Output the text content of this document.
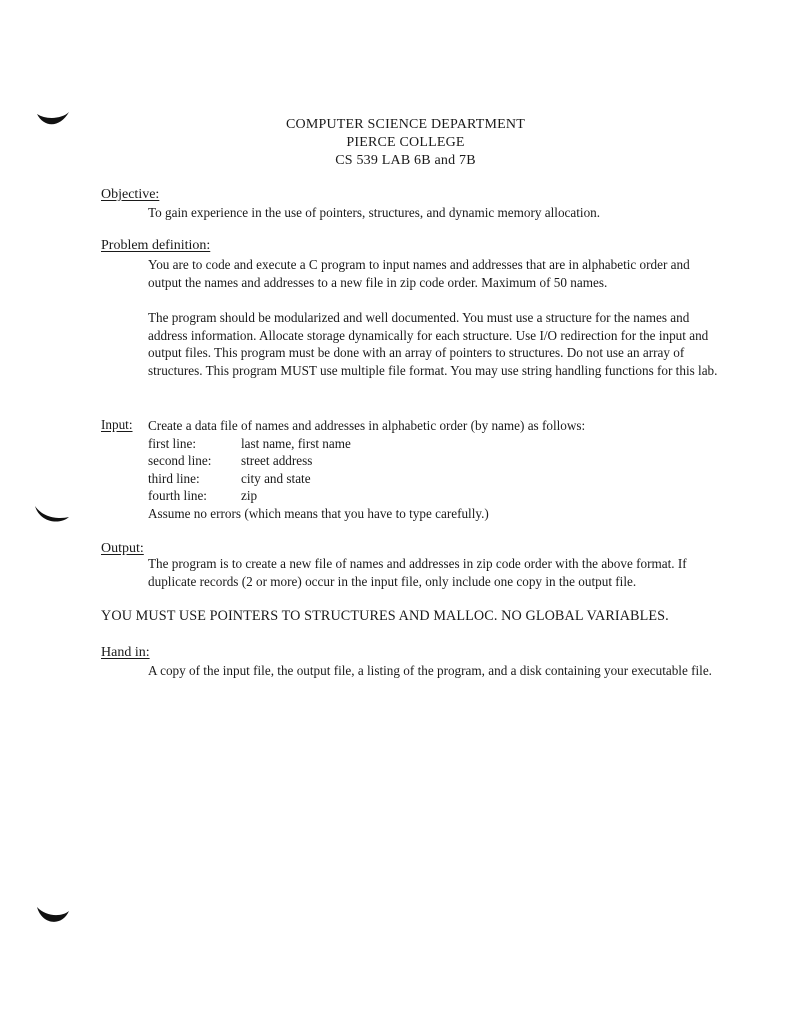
COMPUTER SCIENCE DEPARTMENT
PIERCE COLLEGE
CS 539 LAB 6B and 7B
Objective:
To gain experience in the use of pointers, structures, and dynamic memory allocation.
Problem definition:
You are to code and execute a C program to input names and addresses that are in alphabetic order and output the names and addresses to a new file in zip code order. Maximum of 50 names.
The program should be modularized and well documented. You must use a structure for the names and address information. Allocate storage dynamically for each structure. Use I/O redirection for the input and output files. This program must be done with an array of pointers to structures. Do not use an array of structures. This program MUST use multiple file format. You may use string handling functions for this lab.
Input: Create a data file of names and addresses in alphabetic order (by name) as follows:
first line:	last name, first name
second line:	street address
third line:	city and state
fourth line:	zip
Assume no errors (which means that you have to type carefully.)
Output:
The program is to create a new file of names and addresses in zip code order with the above format. If duplicate records (2 or more) occur in the input file, only include one copy in the output file.
YOU MUST USE POINTERS TO STRUCTURES AND MALLOC. NO GLOBAL VARIABLES.
Hand in:
A copy of the input file, the output file, a listing of the program, and a disk containing your executable file.
